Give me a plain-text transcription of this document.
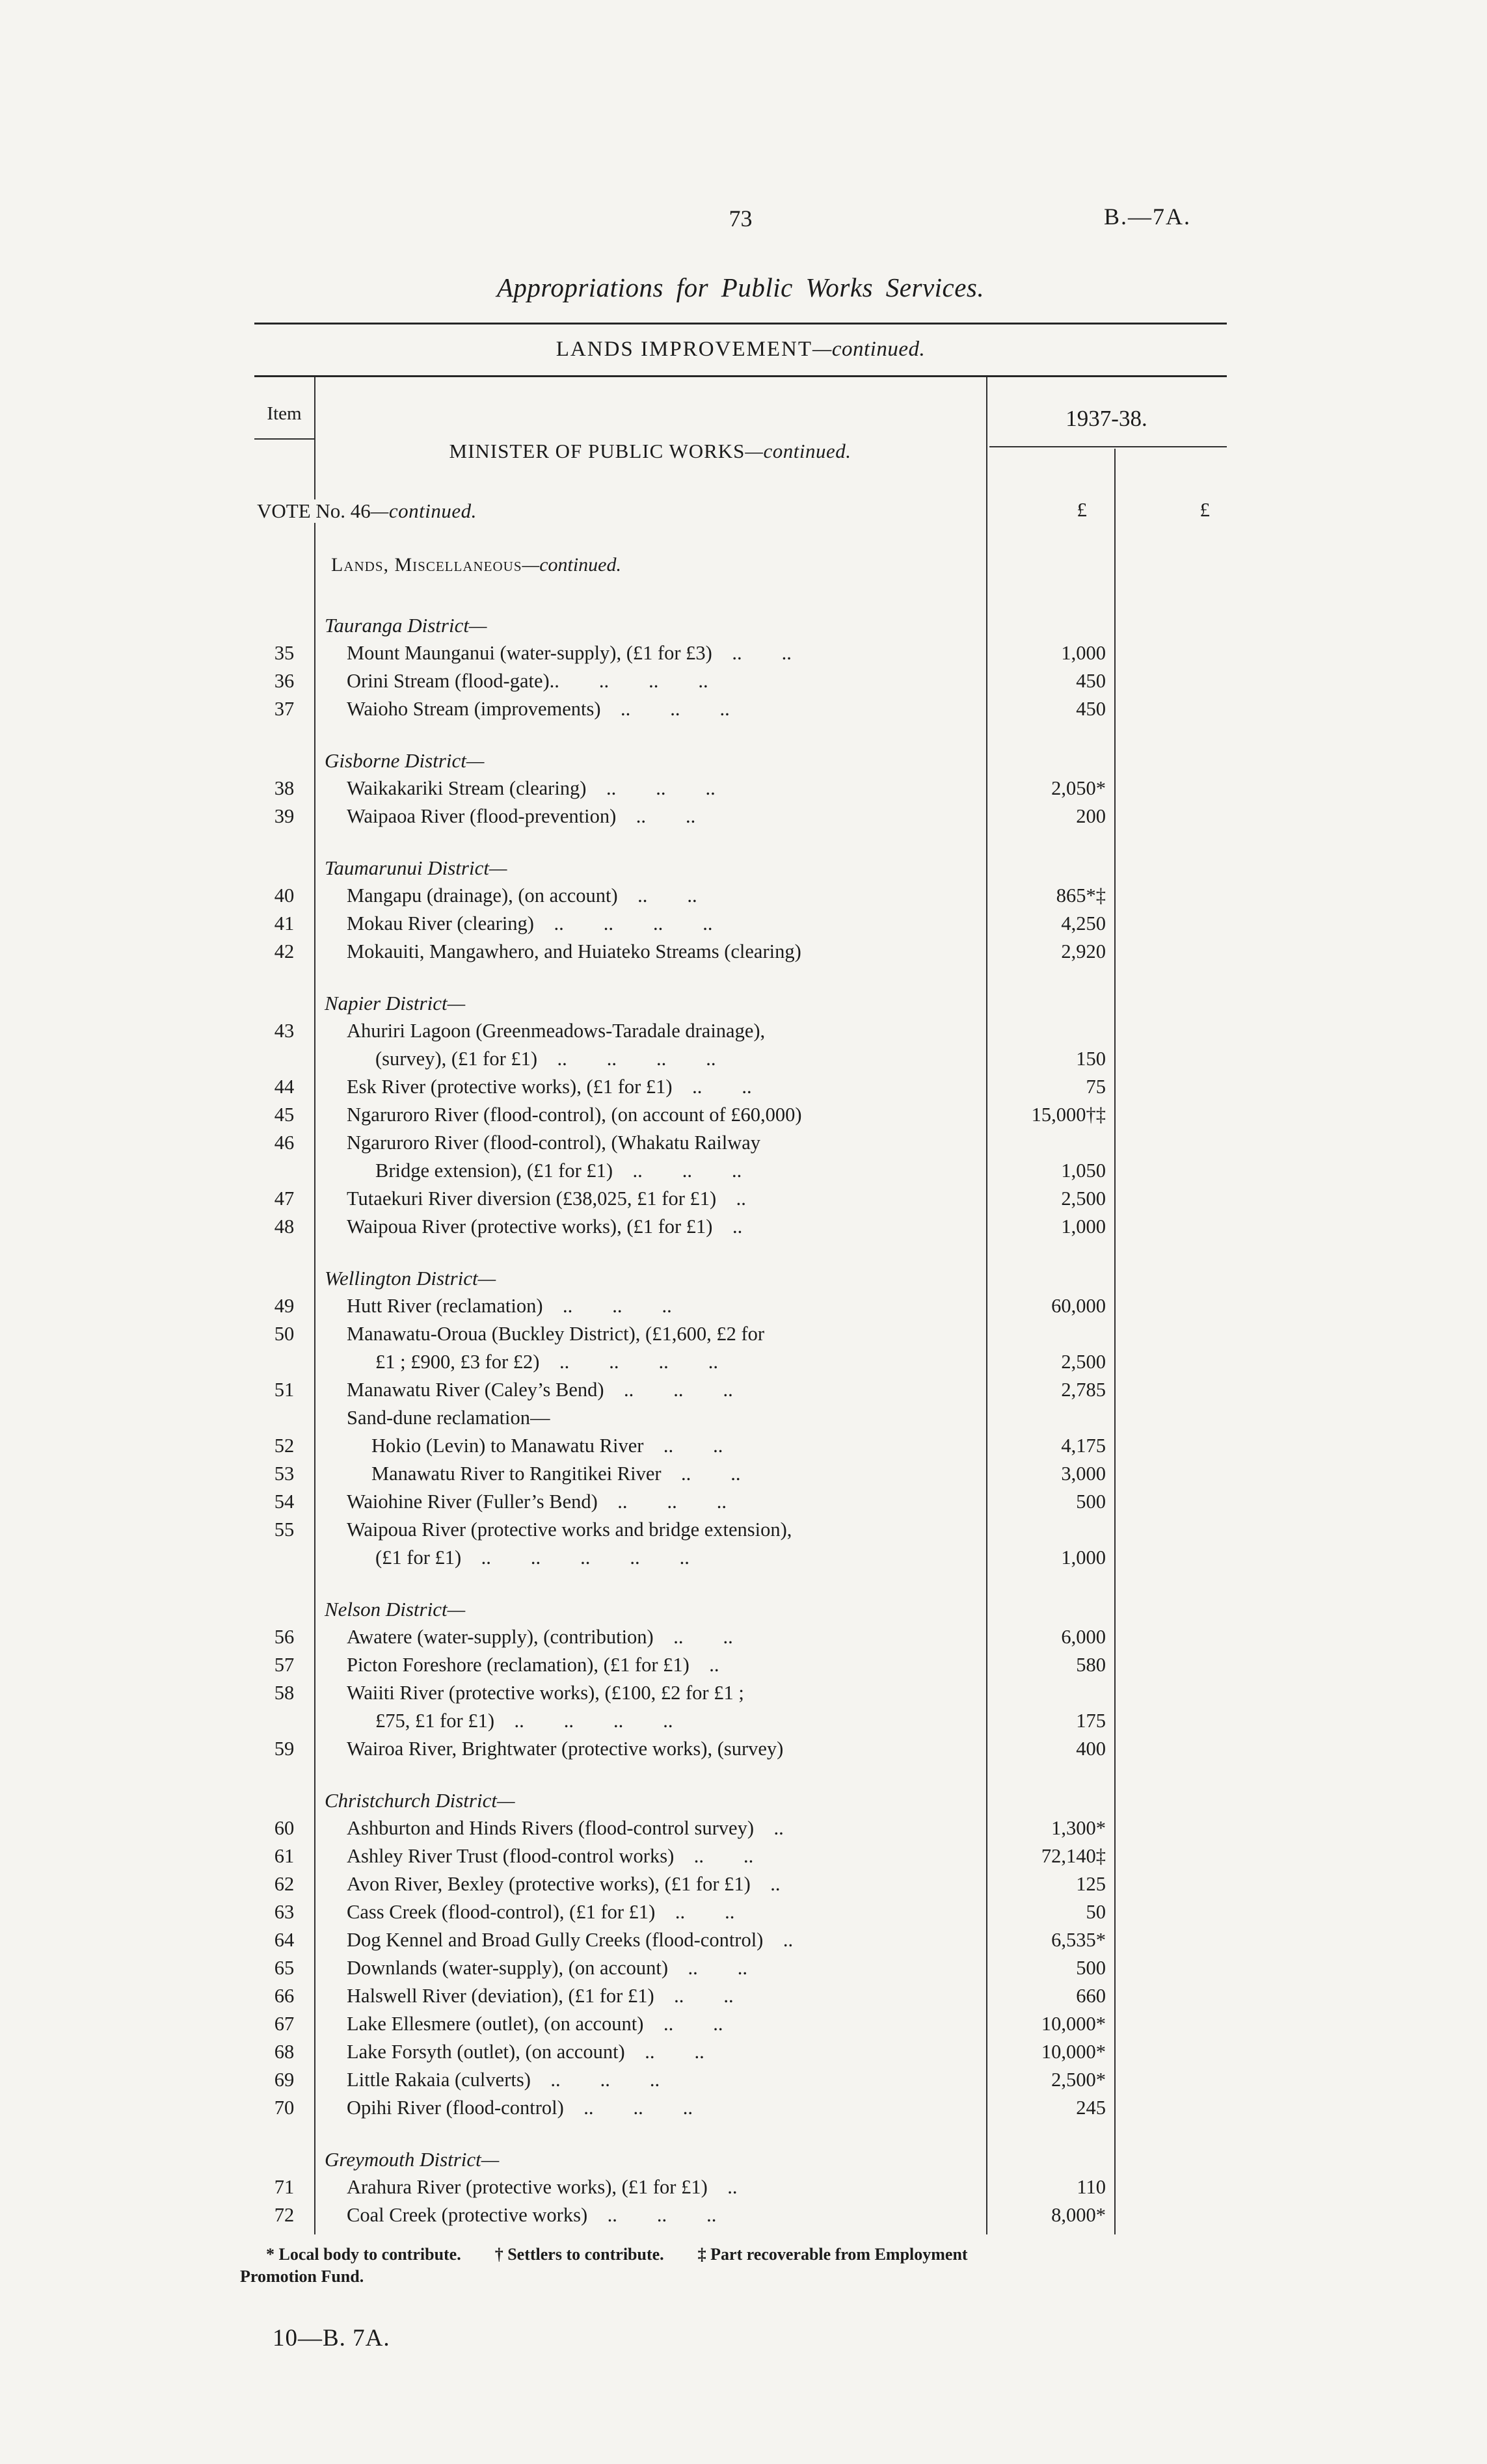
73	B.—7A.
Appropriations for Public Works Services.
LANDS IMPROVEMENT—continued.
Item
MINISTER OF PUBLIC WORKS—continued.
1937-38.
VOTE No. 46—continued.	£	£
Lands, Miscellaneous—continued.
Tauranga District—
35	Mount Maunganui (water-supply), (£1 for £3) ..  ..	1,000
36	Orini Stream (flood-gate)..  ..  ..  ..	450
37	Waioho Stream (improvements) ..  ..  ..	450
Gisborne District—
38	Waikakariki Stream (clearing) ..  ..  ..	2,050*
39	Waipaoa River (flood-prevention) ..  ..	200
Taumarunui District—
40	Mangapu (drainage), (on account) ..  ..	865*‡
41	Mokau River (clearing) ..  ..  ..  ..	4,250
42	Mokauiti, Mangawhero, and Huiateko Streams (clearing)	2,920
Napier District—
43	Ahuriri Lagoon (Greenmeadows-Taradale drainage),
(survey), (£1 for £1) ..  ..  ..  ..	150
44	Esk River (protective works), (£1 for £1) ..  ..	75
45	Ngaruroro River (flood-control), (on account of £60,000)	15,000†‡
46	Ngaruroro River (flood-control), (Whakatu Railway
Bridge extension), (£1 for £1) ..  ..  ..	1,050
47	Tutaekuri River diversion (£38,025, £1 for £1) ..	2,500
48	Waipoua River (protective works), (£1 for £1) ..	1,000
Wellington District—
49	Hutt River (reclamation) ..  ..  ..	60,000
50	Manawatu-Oroua (Buckley District), (£1,600, £2 for
£1 ; £900, £3 for £2) ..  ..  ..  ..	2,500
51	Manawatu River (Caley’s Bend) ..  ..  ..	2,785
Sand-dune reclamation—
52	Hokio (Levin) to Manawatu River ..  ..	4,175
53	Manawatu River to Rangitikei River ..  ..	3,000
54	Waiohine River (Fuller’s Bend) ..  ..  ..	500
55	Waipoua River (protective works and bridge extension),
(£1 for £1) ..  ..  ..  ..  ..	1,000
Nelson District—
56	Awatere (water-supply), (contribution) ..  ..	6,000
57	Picton Foreshore (reclamation), (£1 for £1) ..	580
58	Waiiti River (protective works), (£100, £2 for £1 ;
£75, £1 for £1) ..  ..  ..  ..	175
59	Wairoa River, Brightwater (protective works), (survey)	400
Christchurch District—
60	Ashburton and Hinds Rivers (flood-control survey) ..	1,300*
61	Ashley River Trust (flood-control works) ..  ..	72,140‡
62	Avon River, Bexley (protective works), (£1 for £1) ..	125
63	Cass Creek (flood-control), (£1 for £1) ..  ..	50
64	Dog Kennel and Broad Gully Creeks (flood-control) ..	6,535*
65	Downlands (water-supply), (on account) ..  ..	500
66	Halswell River (deviation), (£1 for £1) ..  ..	660
67	Lake Ellesmere (outlet), (on account) ..  ..	10,000*
68	Lake Forsyth (outlet), (on account) ..  ..	10,000*
69	Little Rakaia (culverts) ..  ..  ..	2,500*
70	Opihi River (flood-control) ..  ..  ..	245
Greymouth District—
71	Arahura River (protective works), (£1 for £1) ..	110
72	Coal Creek (protective works) ..  ..  ..	8,000*
* Local body to contribute.  † Settlers to contribute.  ‡ Part recoverable from Employment
Promotion Fund.
10—B. 7A.
